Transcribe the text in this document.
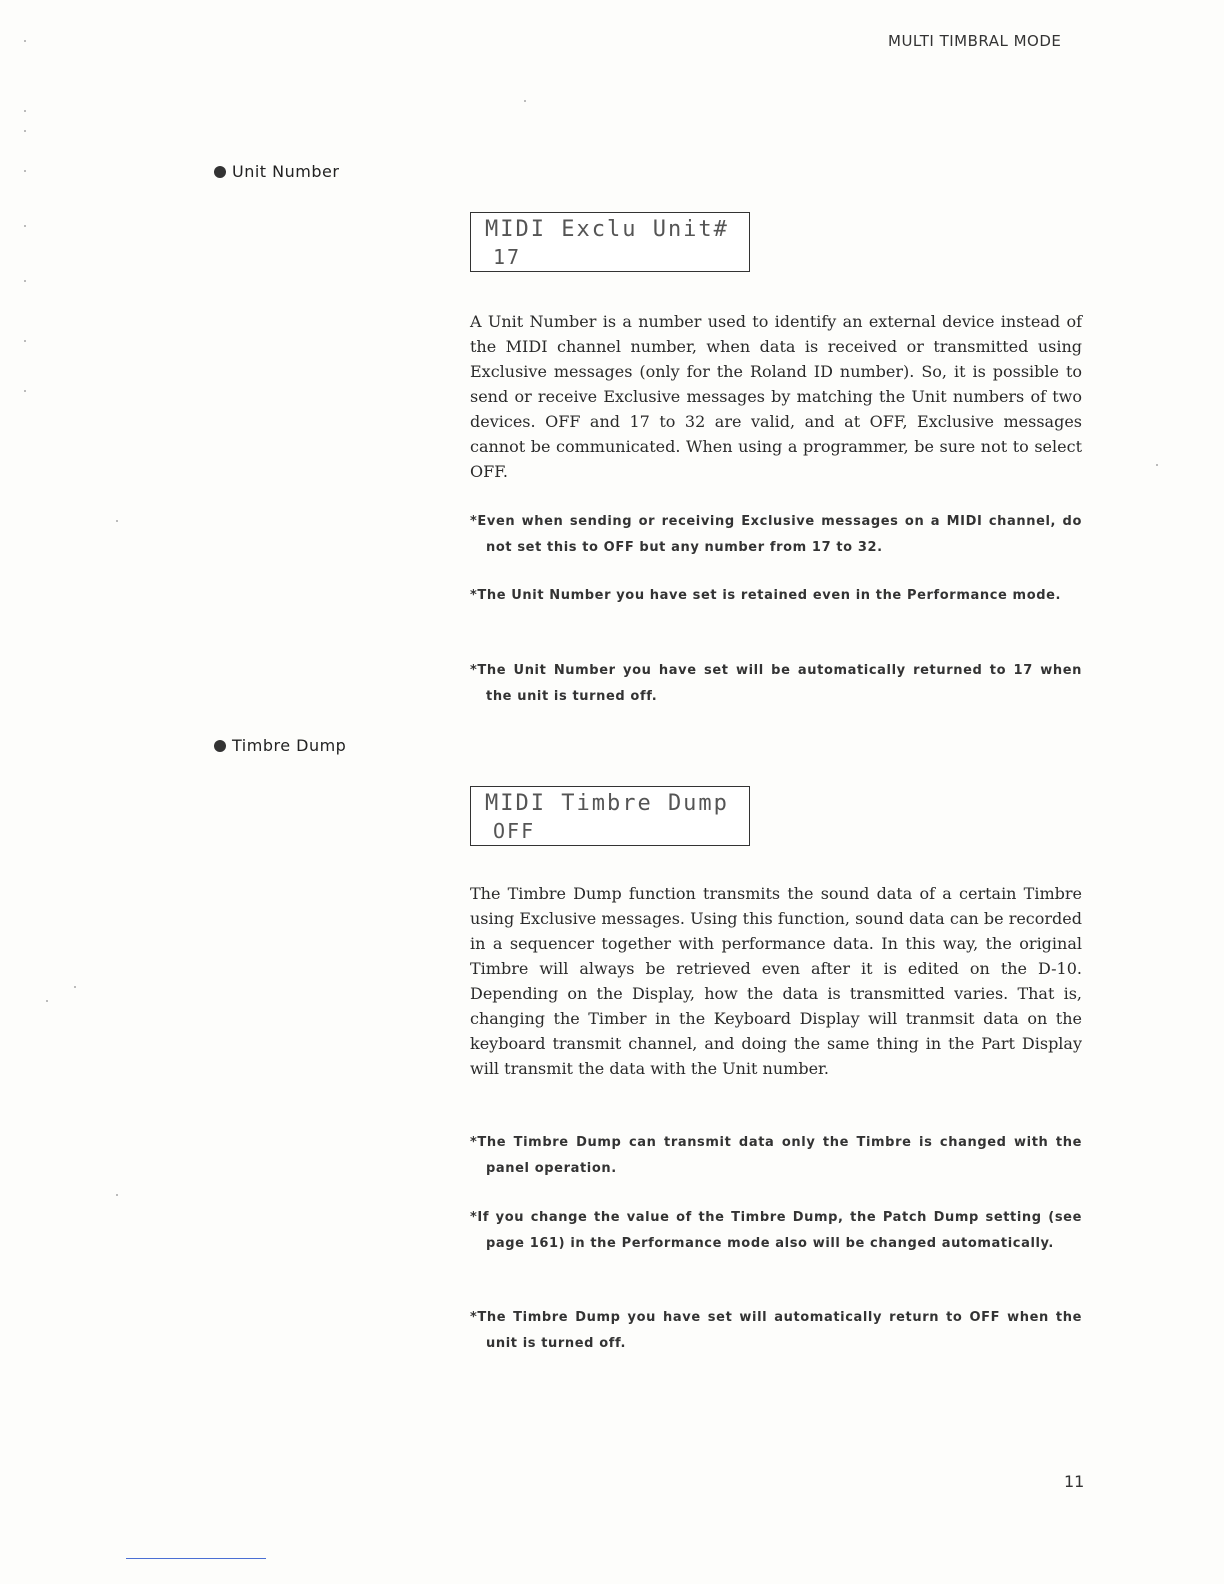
MULTI TIMBRAL MODE
Unit Number
MIDI Exclu Unit#
17
A Unit Number is a number used to identify an external device instead of the MIDI channel number, when data is received or transmitted using Exclusive messages (only for the Roland ID number). So, it is possible to send or receive Exclusive messages by matching the Unit numbers of two devices. OFF and 17 to 32 are valid, and at OFF, Exclusive messages cannot be communicated. When using a programmer, be sure not to select OFF.
*Even when sending or receiving Exclusive messages on a MIDI channel, do not set this to OFF but any number from 17 to 32.
*The Unit Number you have set is retained even in the Performance mode.
*The Unit Number you have set will be automatically returned to 17 when the unit is turned off.
Timbre Dump
MIDI Timbre Dump
OFF
The Timbre Dump function transmits the sound data of a certain Timbre using Exclusive messages. Using this function, sound data can be recorded in a sequencer together with performance data. In this way, the original Timbre will always be retrieved even after it is edited on the D-10. Depending on the Display, how the data is transmitted varies. That is, changing the Timber in the Keyboard Display will tranmsit data on the keyboard transmit channel, and doing the same thing in the Part Display will transmit the data with the Unit number.
*The Timbre Dump can transmit data only the Timbre is changed with the panel operation.
*If you change the value of the Timbre Dump, the Patch Dump setting (see page 161) in the Performance mode also will be changed automatically.
*The Timbre Dump you have set will automatically return to OFF when the unit is turned off.
11
